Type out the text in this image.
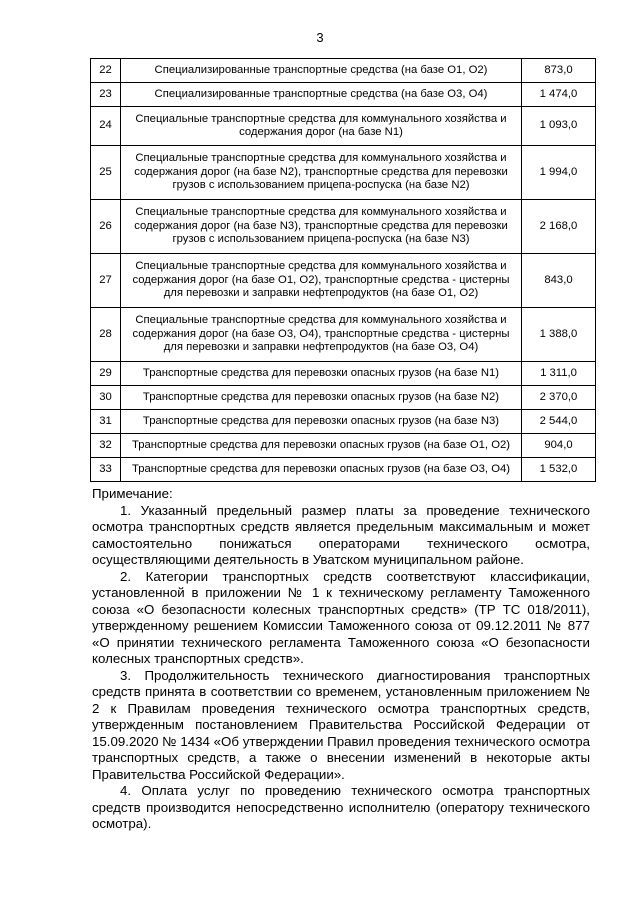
3
22	Специализированные транспортные средства (на базе О1, О2)	873,0
23	Специализированные транспортные средства (на базе О3, О4)	1 474,0
24	Специальные транспортные средства для коммунального хозяйства и содержания дорог (на базе N1)	1 093,0
25	Специальные транспортные средства для коммунального хозяйства и содержания дорог (на базе N2), транспортные средства для перевозки грузов с использованием прицепа-роспуска (на базе N2)	1 994,0
26	Специальные транспортные средства для коммунального хозяйства и содержания дорог (на базе N3), транспортные средства для перевозки грузов с использованием прицепа-роспуска (на базе N3)	2 168,0
27	Специальные транспортные средства для коммунального хозяйства и содержания дорог (на базе О1, О2), транспортные средства - цистерны для перевозки и заправки нефтепродуктов (на базе О1, О2)	843,0
28	Специальные транспортные средства для коммунального хозяйства и содержания дорог (на базе О3, О4), транспортные средства - цистерны для перевозки и заправки нефтепродуктов (на базе О3, О4)	1 388,0
29	Транспортные средства для перевозки опасных грузов (на базе N1)	1 311,0
30	Транспортные средства для перевозки опасных грузов (на базе N2)	2 370,0
31	Транспортные средства для перевозки опасных грузов (на базе N3)	2 544,0
32	Транспортные средства для перевозки опасных грузов (на базе О1, О2)	904,0
33	Транспортные средства для перевозки опасных грузов (на базе О3, О4)	1 532,0

Примечание:

1. Указанный предельный размер платы за проведение технического осмотра транспортных средств является предельным максимальным и может самостоятельно понижаться операторами технического осмотра, осуществляющими деятельность в Уватском муниципальном районе.

2. Категории транспортных средств соответствуют классификации, установленной в приложении № 1 к техническому регламенту Таможенного союза «О безопасности колесных транспортных средств» (ТР ТС 018/2011), утвержденному решением Комиссии Таможенного союза от 09.12.2011 № 877 «О принятии технического регламента Таможенного союза «О безопасности колесных транспортных средств».

3. Продолжительность технического диагностирования транспортных средств принята в соответствии со временем, установленным приложением № 2 к Правилам проведения технического осмотра транспортных средств, утвержденным постановлением Правительства Российской Федерации от 15.09.2020 № 1434 «Об утверждении Правил проведения технического осмотра транспортных средств, а также о внесении изменений в некоторые акты Правительства Российской Федерации».

4. Оплата услуг по проведению технического осмотра транспортных средств производится непосредственно исполнителю (оператору технического осмотра).
